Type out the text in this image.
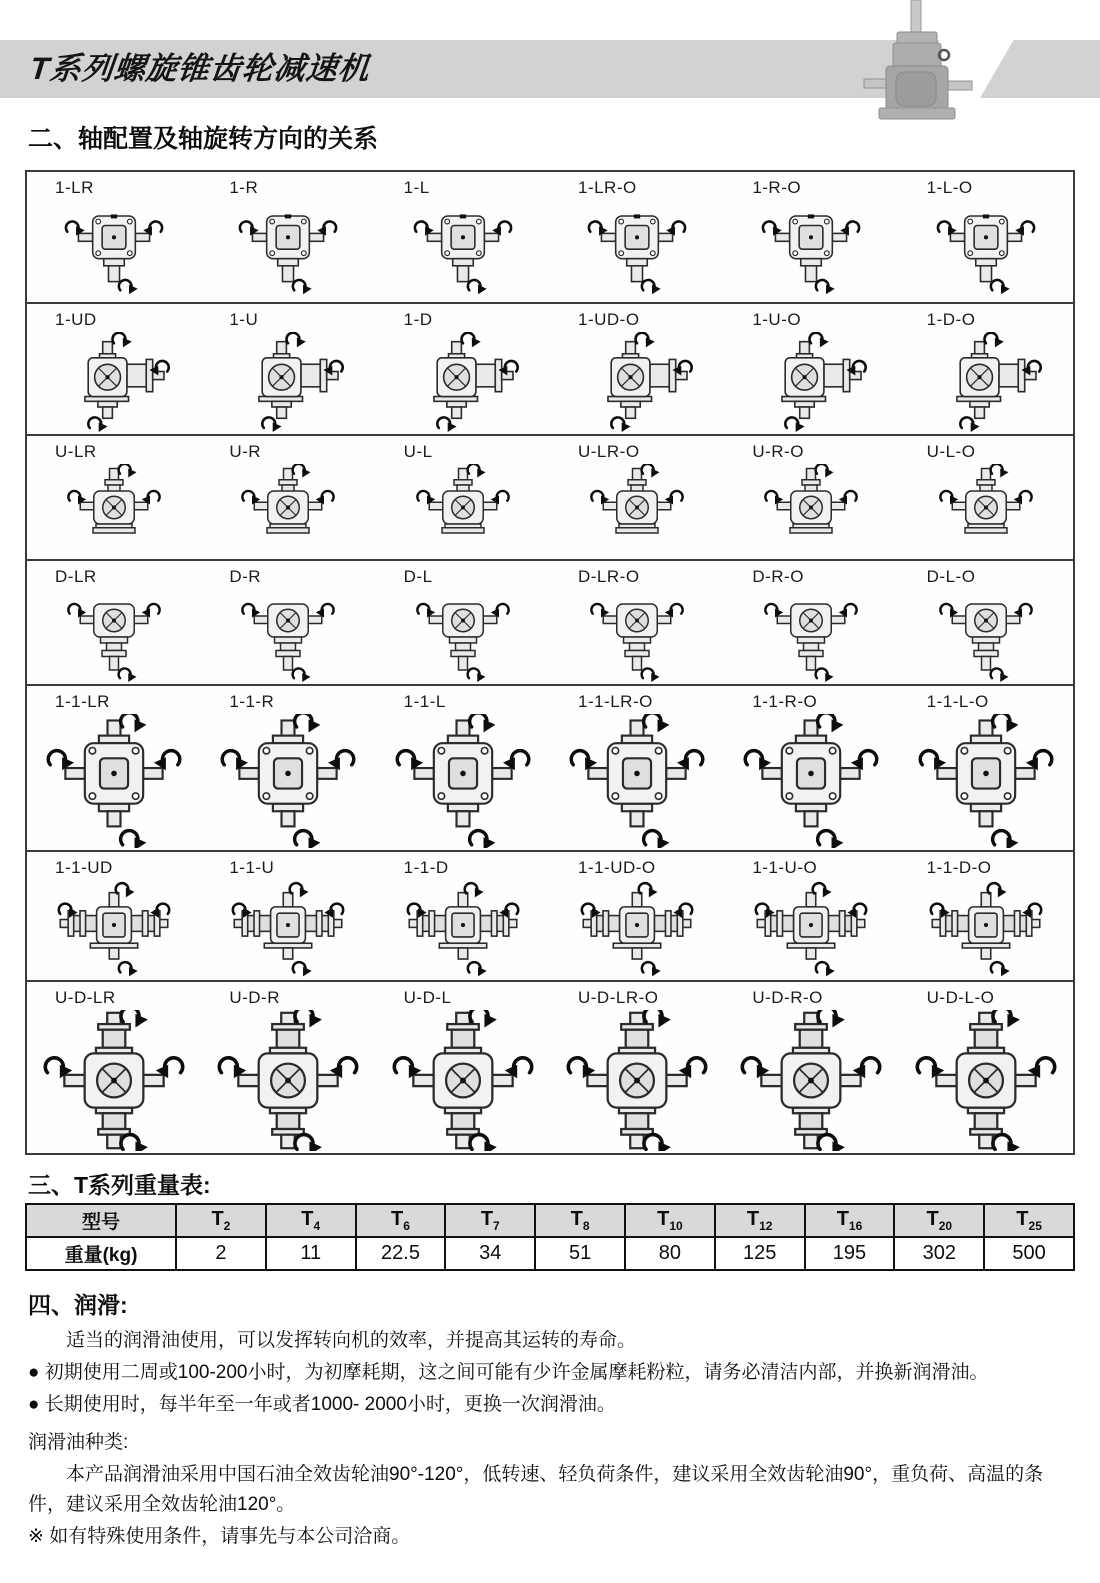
T系列螺旋锥齿轮减速机
二、轴配置及轴旋转方向的关系
1-LR	1-R	1-L	1-LR-O	1-R-O	1-L-O
1-UD	1-U	1-D	1-UD-O	1-U-O	1-D-O
U-LR	U-R	U-L	U-LR-O	U-R-O	U-L-O
D-LR	D-R	D-L	D-LR-O	D-R-O	D-L-O
1-1-LR	1-1-R	1-1-L	1-1-LR-O	1-1-R-O	1-1-L-O
1-1-UD	1-1-U	1-1-D	1-1-UD-O	1-1-U-O	1-1-D-O
U-D-LR	U-D-R	U-D-L	U-D-LR-O	U-D-R-O	U-D-L-O
三、T系列重量表:
型号	$T_2$	$T_4$	$T_6$	$T_7$	$T_8$	$T_{10}$	$T_{12}$	$T_{16}$	$T_{20}$	$T_{25}$
重量(kg)	2	11	22.5	34	51	80	125	195	302	500
四、润滑:

适当的润滑油使用，可以发挥转向机的效率，并提高其运转的寿命。

● 初期使用二周或100-200小时，为初摩耗期，这之间可能有少许金属摩耗粉粒，请务必清洁内部，并换新润滑油。

● 长期使用时，每半年至一年或者1000- 2000小时，更换一次润滑油。

润滑油种类:

本产品润滑油采用中国石油全效齿轮油90°-120°，低转速、轻负荷条件，建议采用全效齿轮油90°，重负荷、高温的条件，建议采用全效齿轮油120°。

※ 如有特殊使用条件，请事先与本公司洽商。
